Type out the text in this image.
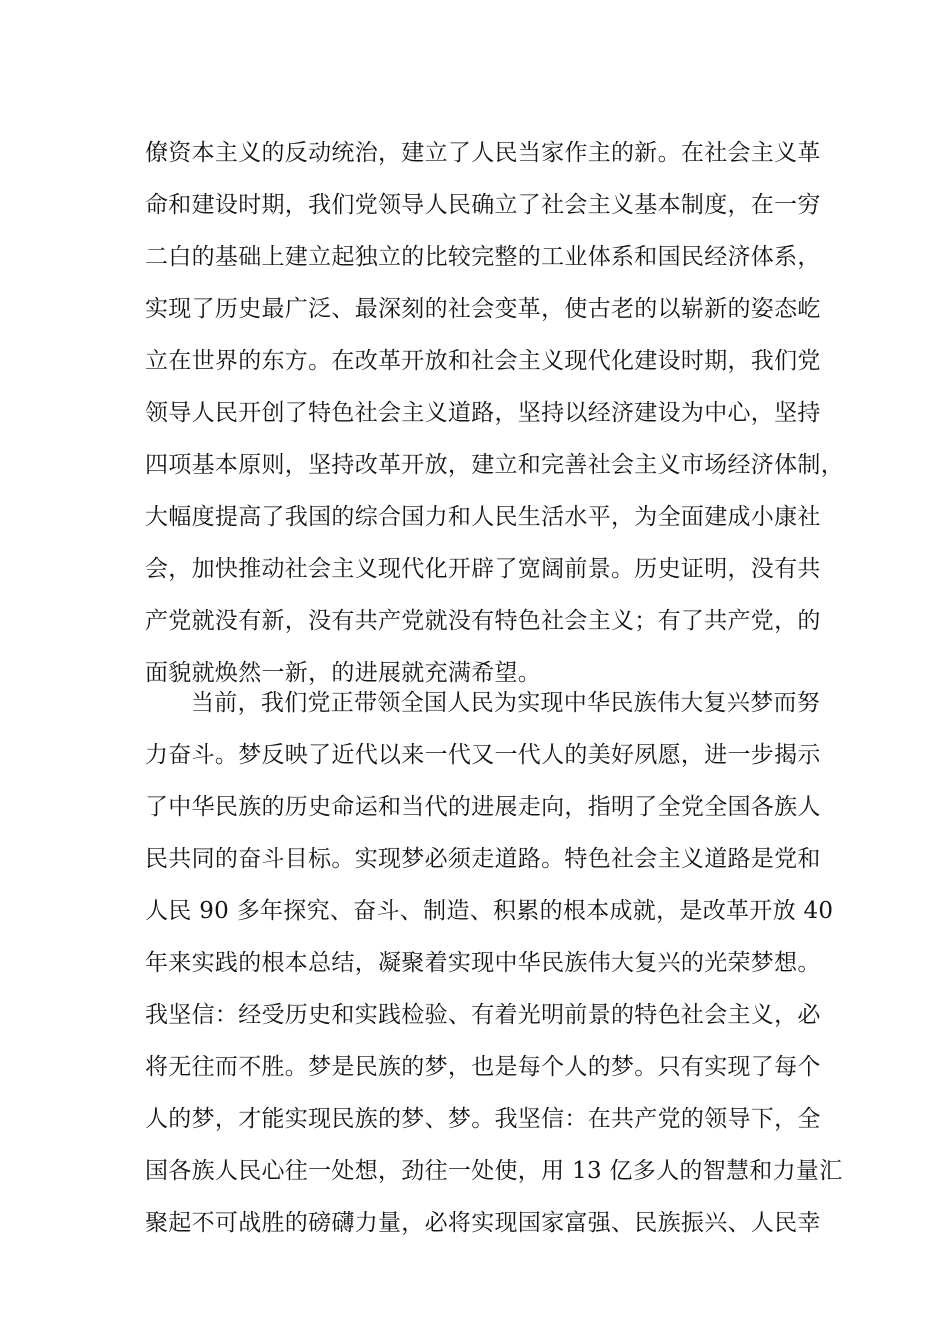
僚资本主义的反动统治，建立了人民当家作主的新。在社会主义革
命和建设时期，我们党领导人民确立了社会主义基本制度，在一穷
二白的基础上建立起独立的比较完整的工业体系和国民经济体系，
实现了历史最广泛、最深刻的社会变革，使古老的以崭新的姿态屹
立在世界的东方。在改革开放和社会主义现代化建设时期，我们党
领导人民开创了特色社会主义道路，坚持以经济建设为中心，坚持
四项基本原则，坚持改革开放，建立和完善社会主义市场经济体制，
大幅度提高了我国的综合国力和人民生活水平，为全面建成小康社
会，加快推动社会主义现代化开辟了宽阔前景。历史证明，没有共
产党就没有新，没有共产党就没有特色社会主义；有了共产党，的
面貌就焕然一新，的进展就充满希望。
当前，我们党正带领全国人民为实现中华民族伟大复兴梦而努
力奋斗。梦反映了近代以来一代又一代人的美好夙愿，进一步揭示
了中华民族的历史命运和当代的进展走向，指明了全党全国各族人
民共同的奋斗目标。实现梦必须走道路。特色社会主义道路是党和
人民 90 多年探究、奋斗、制造、积累的根本成就，是改革开放 40
年来实践的根本总结，凝聚着实现中华民族伟大复兴的光荣梦想。
我坚信：经受历史和实践检验、有着光明前景的特色社会主义，必
将无往而不胜。梦是民族的梦，也是每个人的梦。只有实现了每个
人的梦，才能实现民族的梦、梦。我坚信：在共产党的领导下，全
国各族人民心往一处想，劲往一处使，用 13 亿多人的智慧和力量汇
聚起不可战胜的磅礴力量，必将实现国家富强、民族振兴、人民幸
